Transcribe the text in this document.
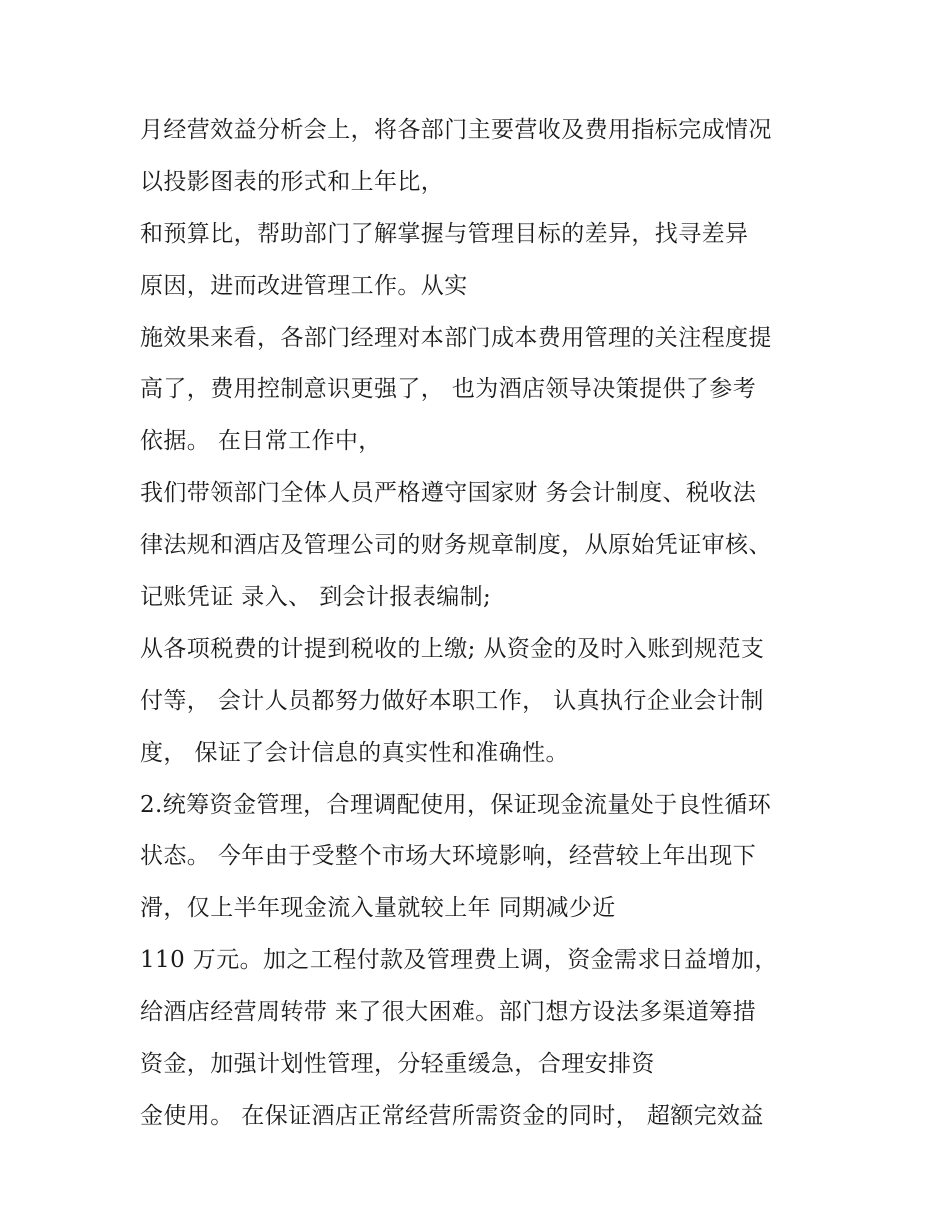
月经营效益分析会上，将各部门主要营收及费用指标完成情况
以投影图表的形式和上年比，
和预算比，帮助部门了解掌握与管理目标的差异，找寻差异
原因，进而改进管理工作。从实
施效果来看，各部门经理对本部门成本费用管理的关注程度提
高了，费用控制意识更强了， 也为酒店领导决策提供了参考
依据。 在日常工作中，
我们带领部门全体人员严格遵守国家财 务会计制度、税收法
律法规和酒店及管理公司的财务规章制度，从原始凭证审核、
记账凭证 录入、 到会计报表编制;
从各项税费的计提到税收的上缴; 从资金的及时入账到规范支
付等， 会计人员都努力做好本职工作， 认真执行企业会计制
度， 保证了会计信息的真实性和准确性。
2.统筹资金管理，合理调配使用，保证现金流量处于良性循环
状态。 今年由于受整个市场大环境影响，经营较上年出现下
滑，仅上半年现金流入量就较上年 同期减少近
110 万元。加之工程付款及管理费上调，资金需求日益增加，
给酒店经营周转带 来了很大困难。部门想方设法多渠道筹措
资金，加强计划性管理，分轻重缓急，合理安排资
金使用。 在保证酒店正常经营所需资金的同时， 超额完效益
